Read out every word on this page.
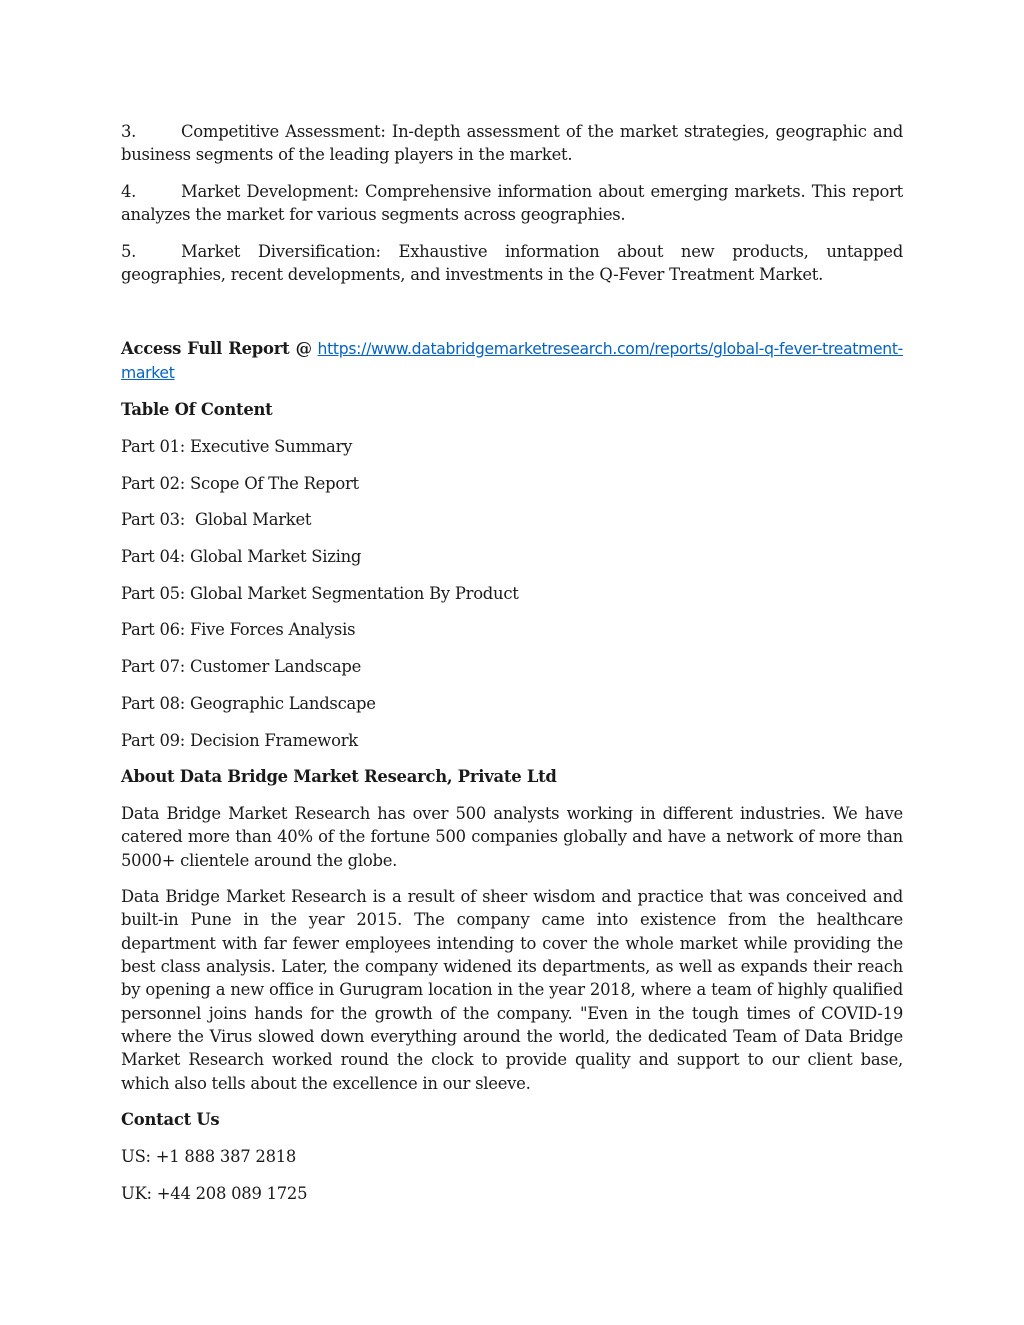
3.	Competitive Assessment: In-depth assessment of the market strategies, geographic and business segments of the leading players in the market.

4.	Market Development: Comprehensive information about emerging markets. This report analyzes the market for various segments across geographies.

5.	Market Diversification: Exhaustive information about new products, untapped geographies, recent developments, and investments in the Q-Fever Treatment Market.

Access Full Report @ https://www.databridgemarketresearch.com/reports/global-q-fever-treatment-market

Table Of Content

Part 01: Executive Summary

Part 02: Scope Of The Report

Part 03:  Global Market

Part 04: Global Market Sizing

Part 05: Global Market Segmentation By Product

Part 06: Five Forces Analysis

Part 07: Customer Landscape

Part 08: Geographic Landscape

Part 09: Decision Framework

About Data Bridge Market Research, Private Ltd

Data Bridge Market Research has over 500 analysts working in different industries. We have catered more than 40% of the fortune 500 companies globally and have a network of more than 5000+ clientele around the globe.

Data Bridge Market Research is a result of sheer wisdom and practice that was conceived and built-in Pune in the year 2015. The company came into existence from the healthcare department with far fewer employees intending to cover the whole market while providing the best class analysis. Later, the company widened its departments, as well as expands their reach by opening a new office in Gurugram location in the year 2018, where a team of highly qualified personnel joins hands for the growth of the company. "Even in the tough times of COVID-19 where the Virus slowed down everything around the world, the dedicated Team of Data Bridge Market Research worked round the clock to provide quality and support to our client base, which also tells about the excellence in our sleeve.

Contact Us

US: +1 888 387 2818

UK: +44 208 089 1725
